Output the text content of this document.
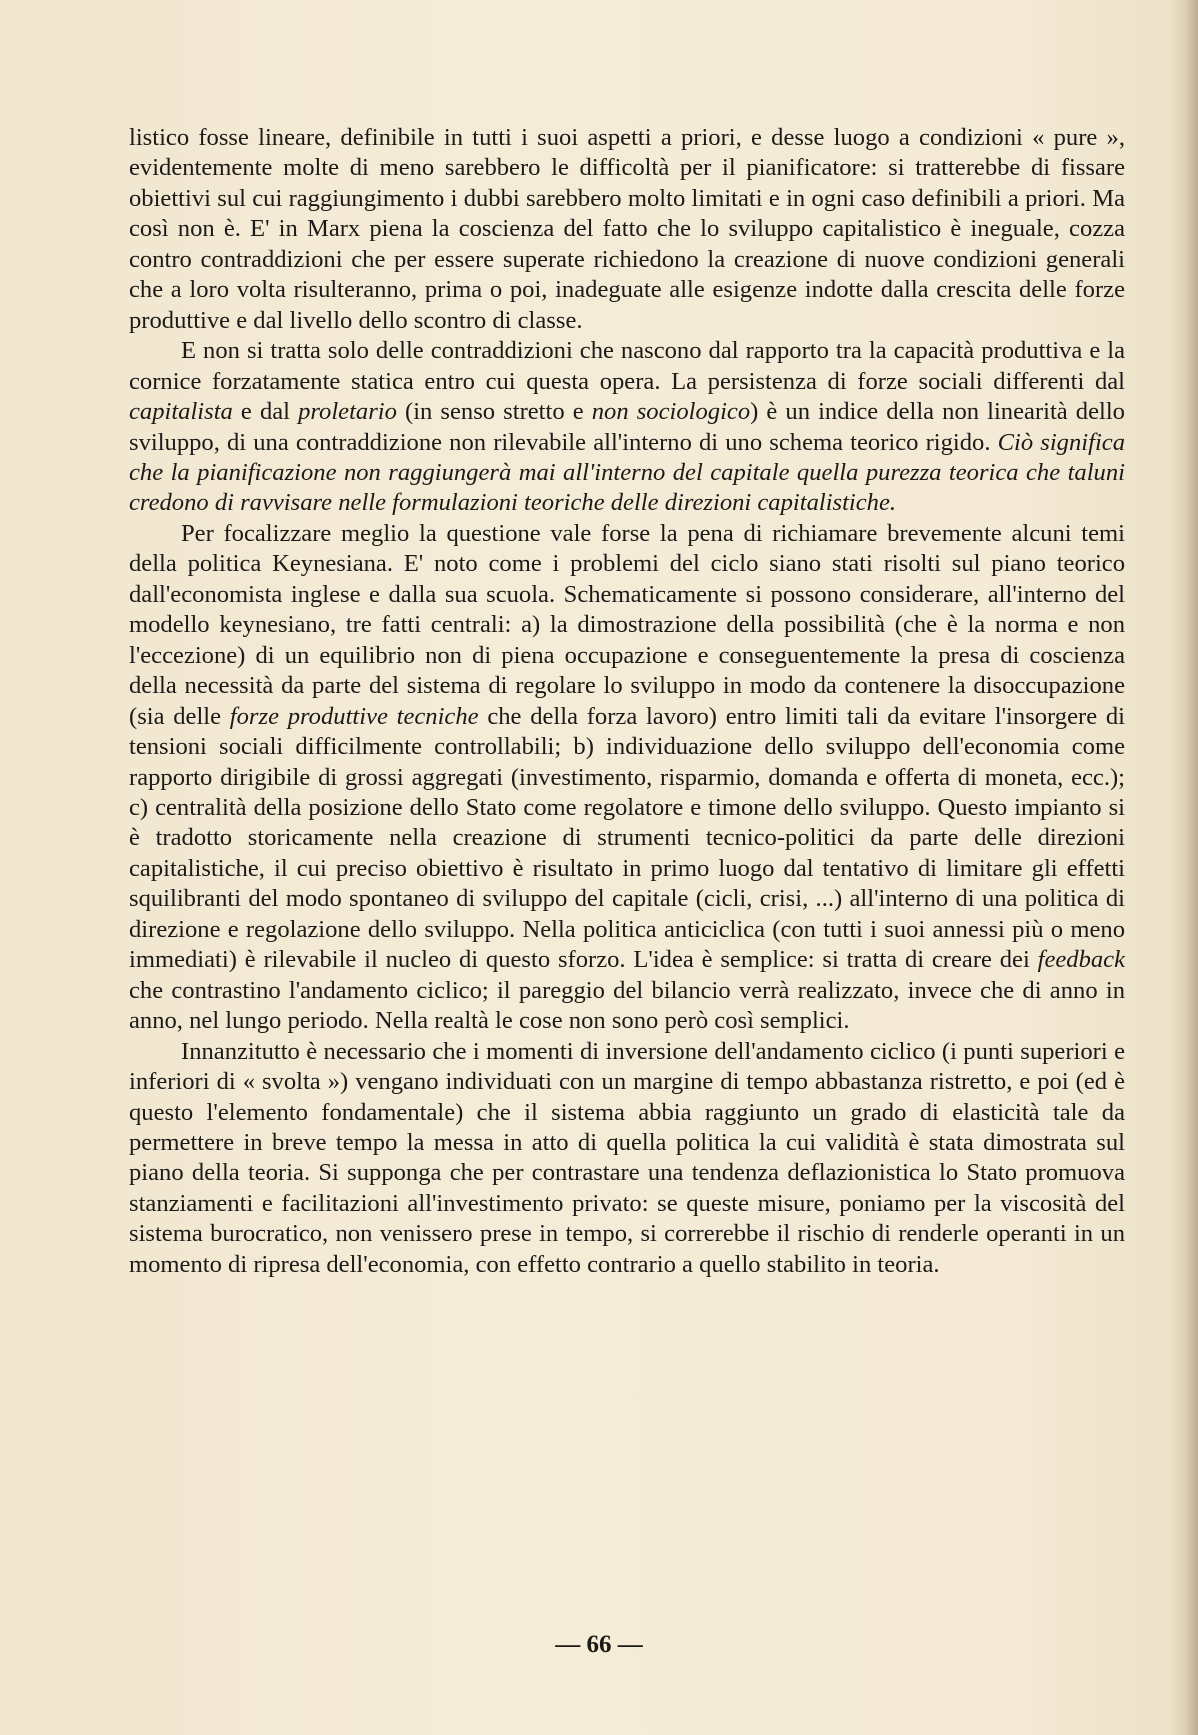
listico fosse lineare, definibile in tutti i suoi aspetti a priori, e desse luogo a condizioni « pure », evidentemente molte di meno sarebbero le difficoltà per il pianificatore: si tratterebbe di fissare obiettivi sul cui raggiungimento i dubbi sarebbero molto limitati e in ogni caso definibili a priori. Ma così non è. E' in Marx piena la coscienza del fatto che lo sviluppo capitalistico è ineguale, cozza contro contraddizioni che per essere superate richiedono la creazione di nuove condizioni generali che a loro volta risulteranno, prima o poi, inadeguate alle esigenze indotte dalla crescita delle forze produttive e dal livello dello scontro di classe.

E non si tratta solo delle contraddizioni che nascono dal rapporto tra la capacità produttiva e la cornice forzatamente statica entro cui questa opera. La persistenza di forze sociali differenti dal capitalista e dal proletario (in senso stretto e non sociologico) è un indice della non linearità dello sviluppo, di una contraddizione non rilevabile all'interno di uno schema teorico rigido. Ciò significa che la pianificazione non raggiungerà mai all'interno del capitale quella purezza teorica che taluni credono di ravvisare nelle formulazioni teoriche delle direzioni capitalistiche.

Per focalizzare meglio la questione vale forse la pena di richiamare brevemente alcuni temi della politica Keynesiana. E' noto come i problemi del ciclo siano stati risolti sul piano teorico dall'economista inglese e dalla sua scuola. Schematicamente si possono considerare, all'interno del modello keynesiano, tre fatti centrali: a) la dimostrazione della possibilità (che è la norma e non l'eccezione) di un equilibrio non di piena occupazione e conseguentemente la presa di coscienza della necessità da parte del sistema di regolare lo sviluppo in modo da contenere la disoccupazione (sia delle forze produttive tecniche che della forza lavoro) entro limiti tali da evitare l'insorgere di tensioni sociali difficilmente controllabili; b) individuazione dello sviluppo dell'economia come rapporto dirigibile di grossi aggregati (investimento, risparmio, domanda e offerta di moneta, ecc.); c) centralità della posizione dello Stato come regolatore e timone dello sviluppo. Questo impianto si è tradotto storicamente nella creazione di strumenti tecnico-politici da parte delle direzioni capitalistiche, il cui preciso obiettivo è risultato in primo luogo dal tentativo di limitare gli effetti squilibranti del modo spontaneo di sviluppo del capitale (cicli, crisi, ...) all'interno di una politica di direzione e regolazione dello sviluppo. Nella politica anticiclica (con tutti i suoi annessi più o meno immediati) è rilevabile il nucleo di questo sforzo. L'idea è semplice: si tratta di creare dei feedback che contrastino l'andamento ciclico; il pareggio del bilancio verrà realizzato, invece che di anno in anno, nel lungo periodo. Nella realtà le cose non sono però così semplici.

Innanzitutto è necessario che i momenti di inversione dell'andamento ciclico (i punti superiori e inferiori di « svolta ») vengano individuati con un margine di tempo abbastanza ristretto, e poi (ed è questo l'elemento fondamentale) che il sistema abbia raggiunto un grado di elasticità tale da permettere in breve tempo la messa in atto di quella politica la cui validità è stata dimostrata sul piano della teoria. Si supponga che per contrastare una tendenza deflazionistica lo Stato promuova stanziamenti e facilitazioni all'investimento privato: se queste misure, poniamo per la viscosità del sistema burocratico, non venissero prese in tempo, si correrebbe il rischio di renderle operanti in un momento di ripresa dell'economia, con effetto contrario a quello stabilito in teoria.

— 66 —
